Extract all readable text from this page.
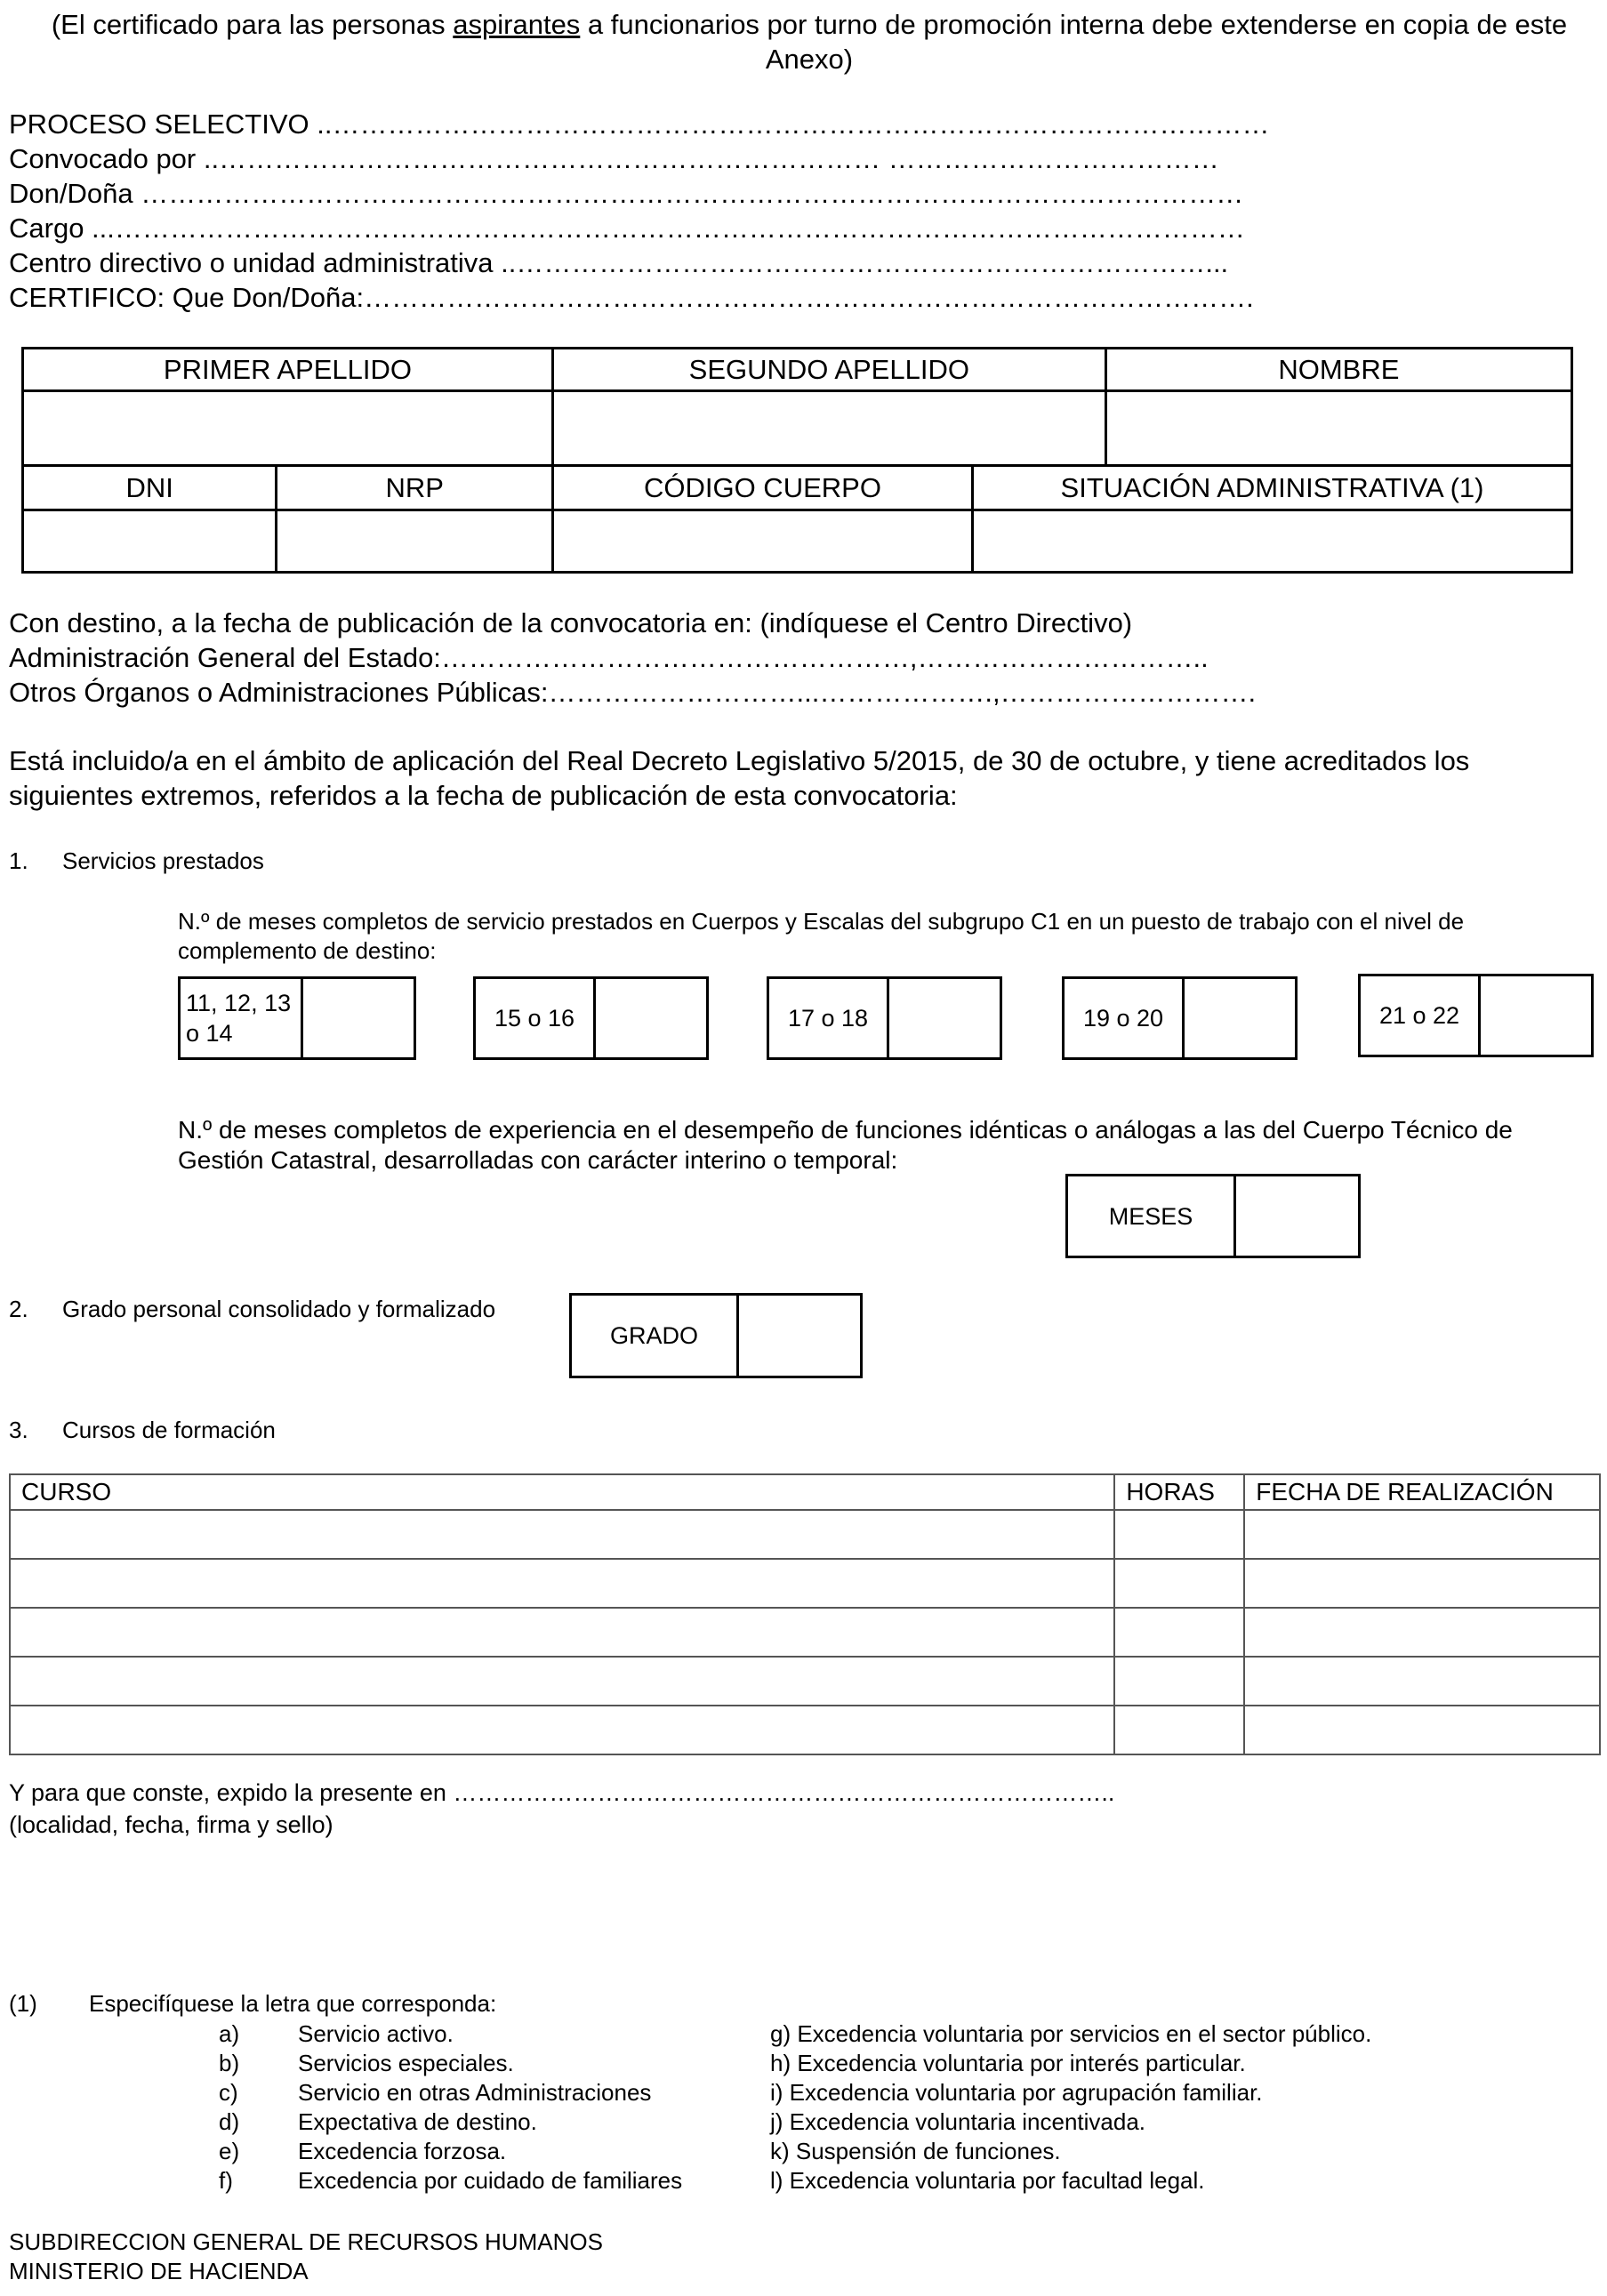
(El certificado para las personas aspirantes a funcionarios por turno de promoción interna debe extenderse en copia de este Anexo)
PROCESO SELECTIVO ..…………………………………………………………………………………………
Convocado por ..……………………………………………………………… ………………………………
Don/Doña …………………………………………………………………………………………………………
Cargo ...……………………………………………………………………………………………………………
Centro directivo o unidad administrativa ..…………………………………………………………………...
CERTIFICO: Que Don/Doña:…………………………………………………………………………………….
PRIMER APELLIDO		SEGUNDO APELLIDO		NOMBRE

DNI	NRP	CÓDIGO CUERPO	SITUACIÓN ADMINISTRATIVA (1)	

Con destino, a la fecha de publicación de la convocatoria en: (indíquese el Centro Directivo)
Administración General del Estado:……………………………………………,…………………………..
Otros Órganos o Administraciones Públicas:………………………...……………….,……………………….
Está incluido/a en el ámbito de aplicación del Real Decreto Legislativo 5/2015, de 30 de octubre, y tiene acreditados los siguientes extremos, referidos a la fecha de publicación de esta convocatoria:
1. Servicios prestados
N.º de meses completos de servicio prestados en Cuerpos y Escalas del subgrupo C1 en un puesto de trabajo con el nivel de complemento de destino:
11, 12, 13 o 14
15 o 16	17 o 18	19 o 20	21 o 22
N.º de meses completos de experiencia en el desempeño de funciones idénticas o análogas a las del Cuerpo Técnico de Gestión Catastral, desarrolladas con carácter interino o temporal:
MESES
2. Grado personal consolidado y formalizado
GRADO
3. Cursos de formación
CURSO	HORAS	FECHA DE REALIZACIÓN

Y para que conste, expido la presente en ………………………………………………………………………..
(localidad, fecha, firma y sello)
(1) Especifíquese la letra que corresponda:
a)	Servicio activo.	g) Excedencia voluntaria por servicios en el sector público.
b)	Servicios especiales.	h) Excedencia voluntaria por interés particular.
c)	Servicio en otras Administraciones	i) Excedencia voluntaria por agrupación familiar.
d)	Expectativa de destino.	j) Excedencia voluntaria incentivada.
e)	Excedencia forzosa.	k) Suspensión de funciones.
f)	Excedencia por cuidado de familiares	l) Excedencia voluntaria por facultad legal.
SUBDIRECCION GENERAL DE RECURSOS HUMANOS
MINISTERIO DE HACIENDA
